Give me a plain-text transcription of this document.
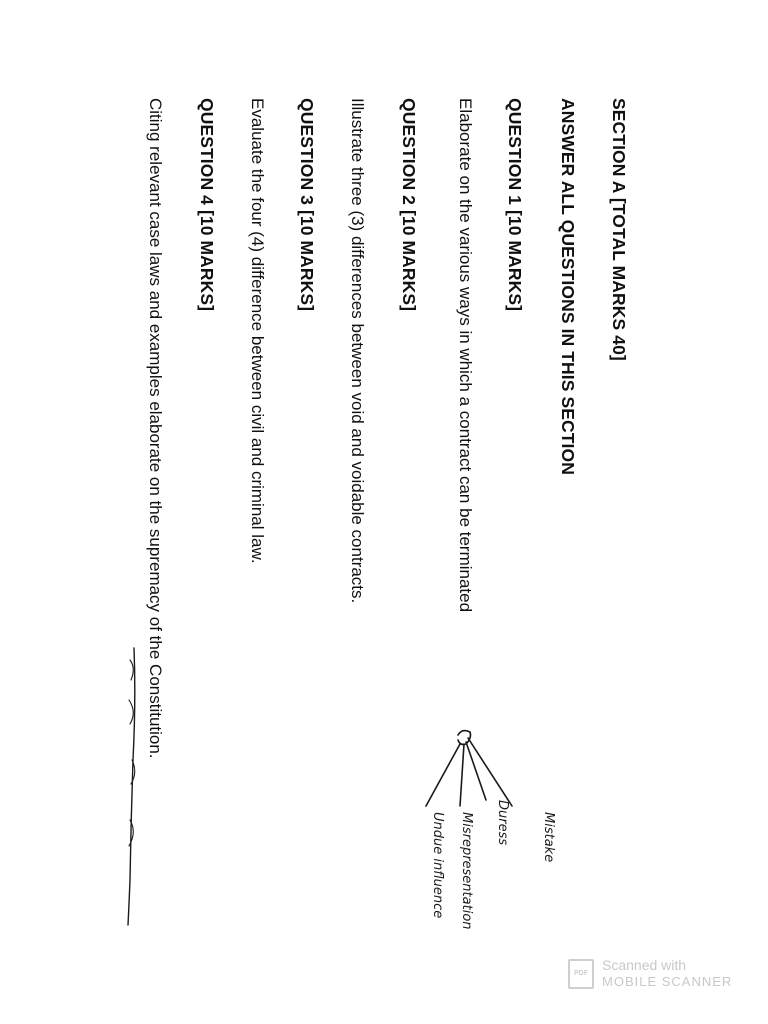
SECTION A [TOTAL MARKS 40]
ANSWER ALL QUESTIONS IN THIS SECTION
QUESTION 1 [10 MARKS]
Elaborate on the various ways in which a contract can be terminated
QUESTION 2 [10 MARKS]
Illustrate three (3) differences between void and voidable contracts.
QUESTION 3 [10 MARKS]
Evaluate the four (4) difference between civil and criminal law.
QUESTION 4 [10 MARKS]
Citing relevant case laws and examples elaborate on the supremacy of the Constitution.
Mistake
Duress
Misrepresentation
Undue influence
PDF
Scanned with
MOBILE SCANNER
